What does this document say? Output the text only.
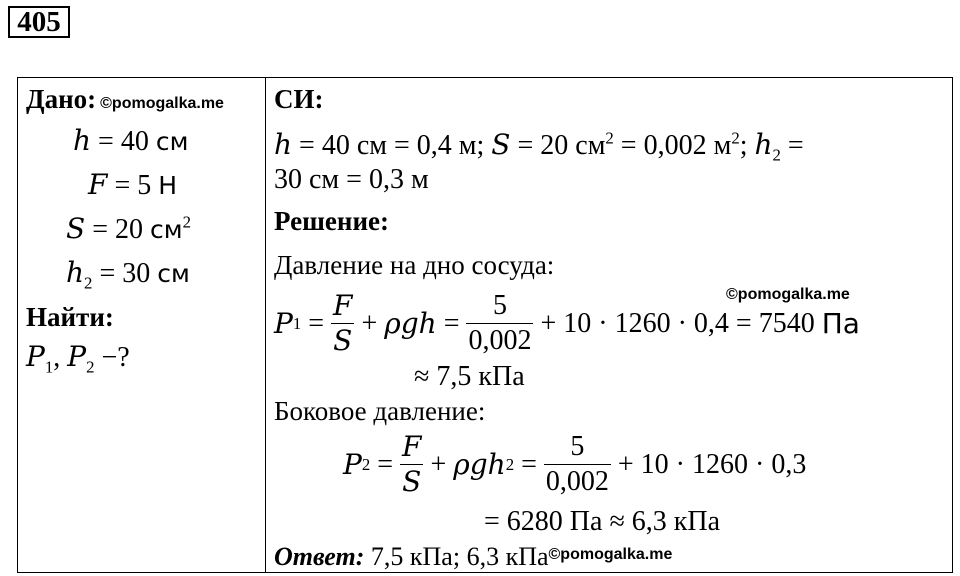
405
Дано: ©pomogalka.me
h = 40 см
F = 5 Н
S = 20 $см^2$
$h_2 = 30$ см
Найти:
$P_1$, $P_2$ −?
СИ:
h = 40 см = 0,4 м; S = 20 $см^2 = 0,002$ $м^2$; $h_2$ =
30 см = 0,3 м
Решение:
Давление на дно сосуда:
©pomogalka.me
P $1 = \frac{F}{S} + \rho gh = \frac{5}{0,002} + 10 \cdot 1260 \cdot 0,4 = 7540$ Па
≈ 7,5 кПа
Боковое давление:
P $2 = \frac{F}{S} + \rho gh$ $2 = \frac{5}{0,002} + 10 \cdot 1260 \cdot 0,3$
= 6280 Па ≈ 6,3 кПа
Ответ: 7,5 кПа; 6,3 кПа$^{©pomogalka.me}$
